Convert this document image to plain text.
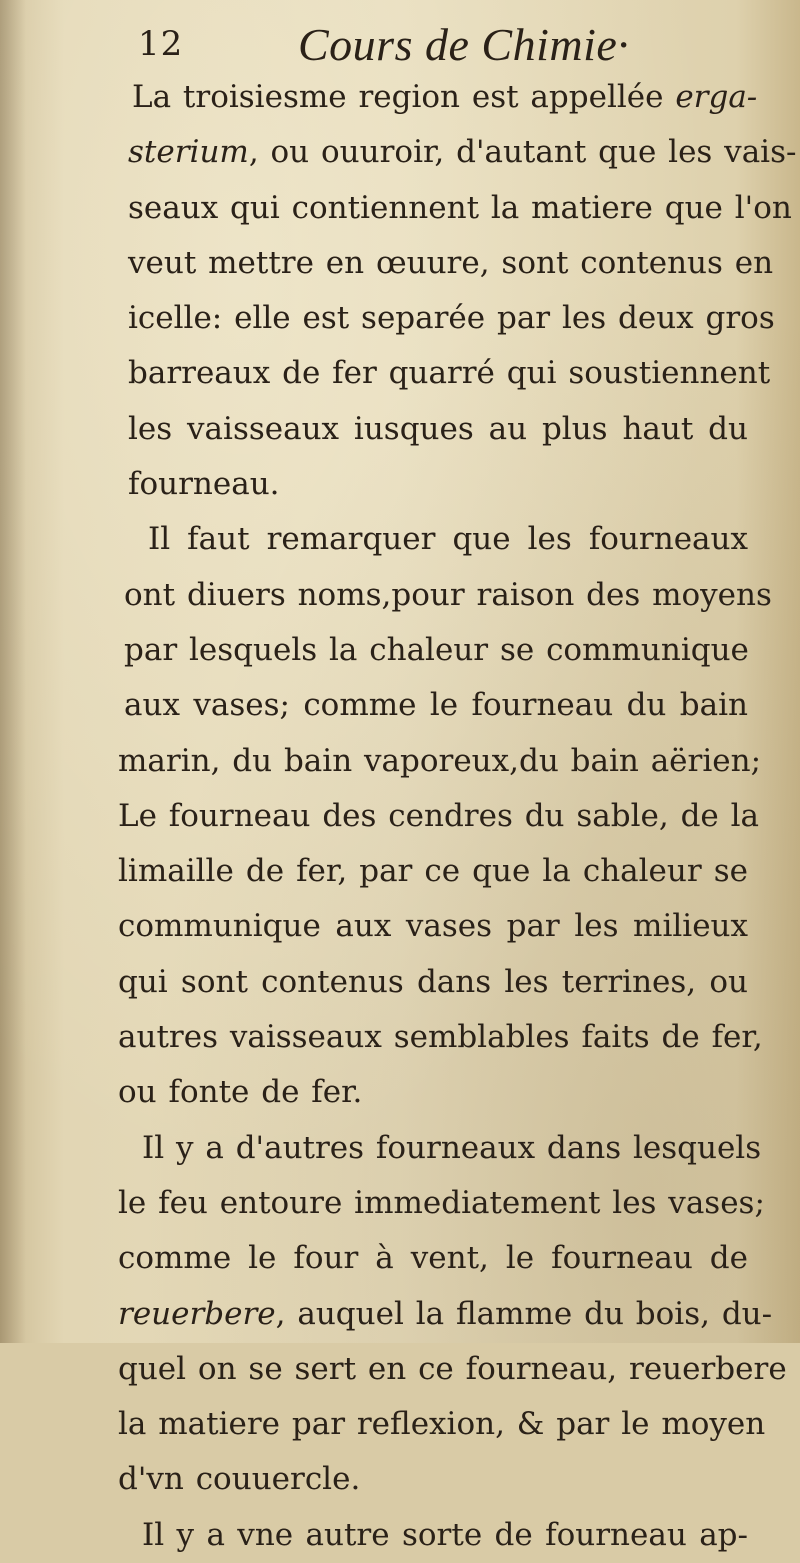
12 Cours de Chimie·
La troisiesme region est appellée erga-
sterium, ou ouuroir, d'autant que les vais-
seaux qui contiennent la matiere que l'on
veut mettre en œuure, sont contenus en
icelle: elle est separée par les deux gros
barreaux de fer quarré qui soustiennent
les vaisseaux iusques au plus haut du
fourneau.
Il faut remarquer que les fourneaux
ont diuers noms,pour raison des moyens
par lesquels la chaleur se communique
aux vases; comme le fourneau du bain
marin, du bain vaporeux,du bain aërien;
Le fourneau des cendres du sable, de la
limaille de fer, par ce que la chaleur se
communique aux vases par les milieux
qui sont contenus dans les terrines, ou
autres vaisseaux semblables faits de fer,
ou fonte de fer.
Il y a d'autres fourneaux dans lesquels
le feu entoure immediatement les vases;
comme le four à vent, le fourneau de
reuerbere, auquel la flamme du bois, du-
quel on se sert en ce fourneau, reuerbere
la matiere par reflexion, & par le moyen
d'vn couuercle.
Il y a vne autre sorte de fourneau ap-
